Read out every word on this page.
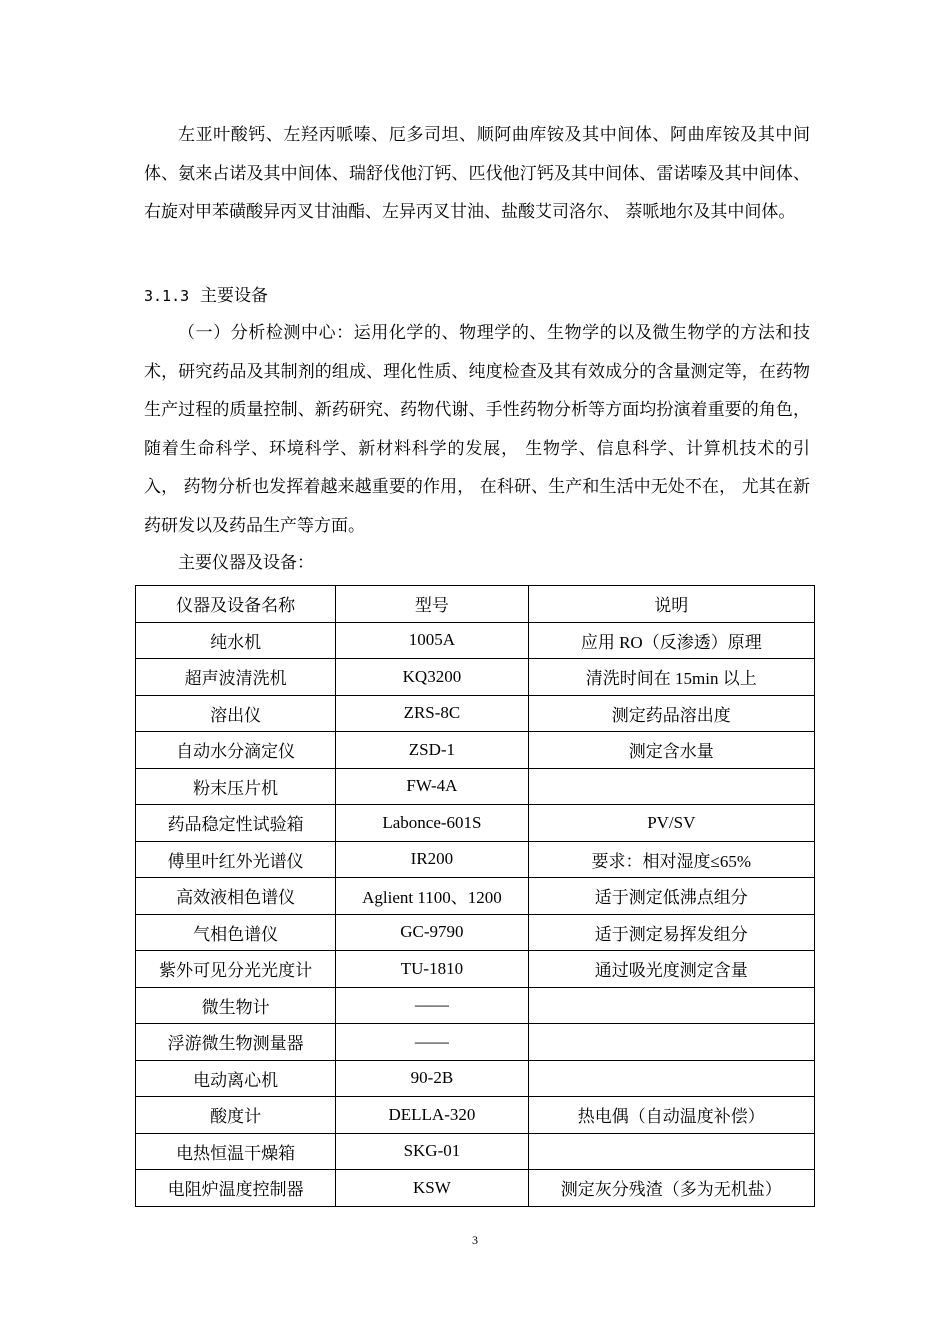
左亚叶酸钙、左羟丙哌嗪、厄多司坦、顺阿曲库铵及其中间体、阿曲库铵及其中间体、氨来占诺及其中间体、瑞舒伐他汀钙、匹伐他汀钙及其中间体、雷诺嗪及其中间体、 右旋对甲苯磺酸异丙叉甘油酯、左异丙叉甘油、盐酸艾司洛尔、 萘哌地尔及其中间体。

3.1.3 主要设备

（一）分析检测中心：运用化学的、物理学的、生物学的以及微生物学的方法和技术，研究药品及其制剂的组成、理化性质、纯度检查及其有效成分的含量测定等，在药物生产过程的质量控制、新药研究、药物代谢、手性药物分析等方面均扮演着重要的角色，随着生命科学、环境科学、新材料科学的发展， 生物学、信息科学、计算机技术的引入， 药物分析也发挥着越来越重要的作用， 在科研、生产和生活中无处不在， 尤其在新药研发以及药品生产等方面。

主要仪器及设备：

仪器及设备名称	型号	说明
纯水机	1005A	应用 RO（反渗透）原理
超声波清洗机	KQ3200	清洗时间在 15min 以上
溶出仪	ZRS-8C	测定药品溶出度
自动水分滴定仪	ZSD-1	测定含水量
粉末压片机	FW-4A	
药品稳定性试验箱	Labonce-601S	PV/SV
傅里叶红外光谱仪	IR200	要求：相对湿度≤65%
高效液相色谱仪	Aglient 1100、1200	适于测定低沸点组分
气相色谱仪	GC-9790	适于测定易挥发组分
紫外可见分光光度计	TU-1810	通过吸光度测定含量
微生物计	——	
浮游微生物测量器	——	
电动离心机	90-2B	
酸度计	DELLA-320	热电偶（自动温度补偿）
电热恒温干燥箱	SKG-01	
电阻炉温度控制器	KSW	测定灰分残渣（多为无机盐）
3
